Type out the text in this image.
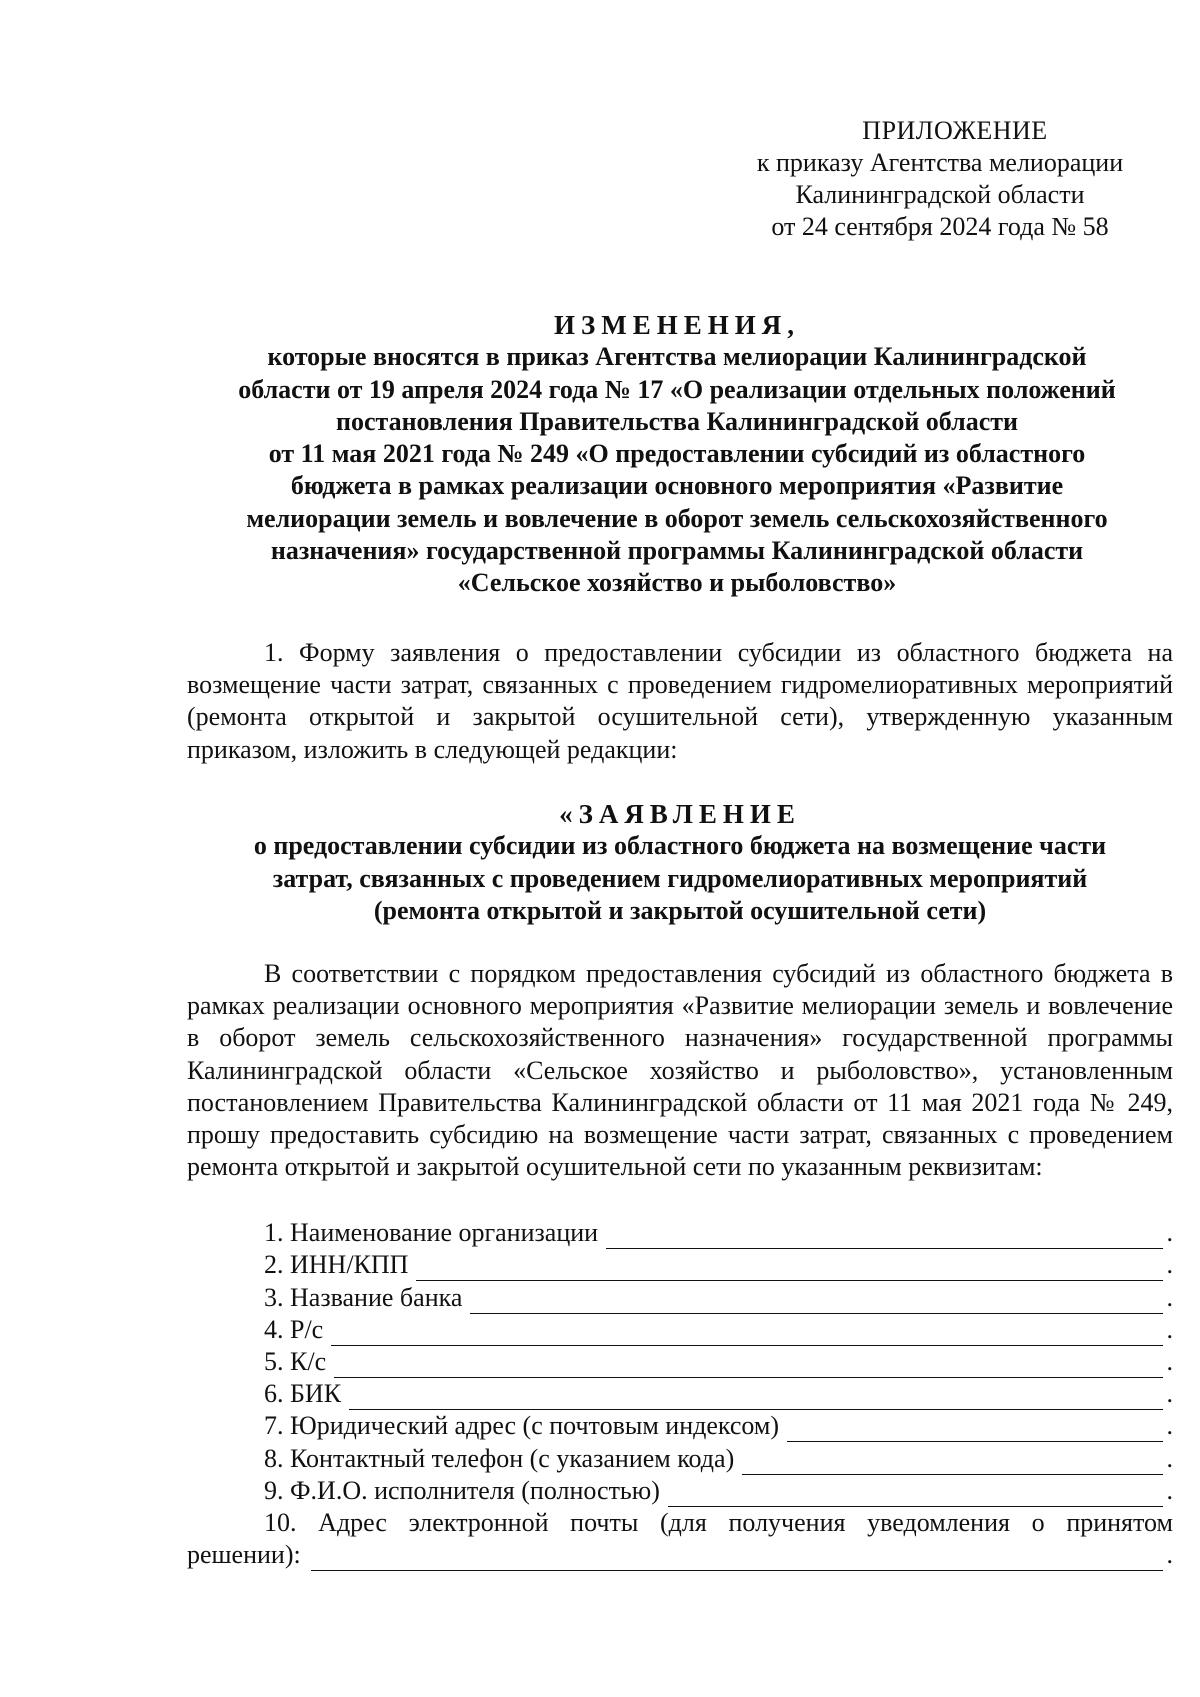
ПРИЛОЖЕНИЕ
к приказу Агентства мелиорации
Калининградской области
от 24 сентября 2024 года № 58
ИЗМЕНЕНИЯ,
которые вносятся в приказ Агентства мелиорации Калининградской
области от 19 апреля 2024 года № 17 «О реализации отдельных положений
постановления Правительства Калининградской области
от 11 мая 2021 года № 249 «О предоставлении субсидий из областного
бюджета в рамках реализации основного мероприятия «Развитие
мелиорации земель и вовлечение в оборот земель сельскохозяйственного
назначения» государственной программы Калининградской области
«Сельское хозяйство и рыболовство»
1. Форму заявления о предоставлении субсидии из областного бюджета на возмещение части затрат, связанных с проведением гидромелиоративных мероприятий (ремонта открытой и закрытой осушительной сети), утвержденную указанным приказом, изложить в следующей редакции:
«ЗАЯВЛЕНИЕ
о предоставлении субсидии из областного бюджета на возмещение части
затрат, связанных с проведением гидромелиоративных мероприятий
(ремонта открытой и закрытой осушительной сети)
В соответствии с порядком предоставления субсидий из областного бюджета в рамках реализации основного мероприятия «Развитие мелиорации земель и вовлечение в оборот земель сельскохозяйственного назначения» государственной программы Калининградской области «Сельское хозяйство и рыболовство», установленным постановлением Правительства Калининградской области от 11 мая 2021 года № 249, прошу предоставить субсидию на возмещение части затрат, связанных с проведением ремонта открытой и закрытой осушительной сети по указанным реквизитам:
1. Наименование организации	.
2. ИНН/КПП	.
3. Название банка	.
4. Р/с	.
5. К/с	.
6. БИК	.
7. Юридический адрес (с почтовым индексом)	.
8. Контактный телефон (с указанием кода)	.
9. Ф.И.О. исполнителя (полностью)	.
10. Адрес электронной почты (для получения уведомления о принятом
решении):	.
